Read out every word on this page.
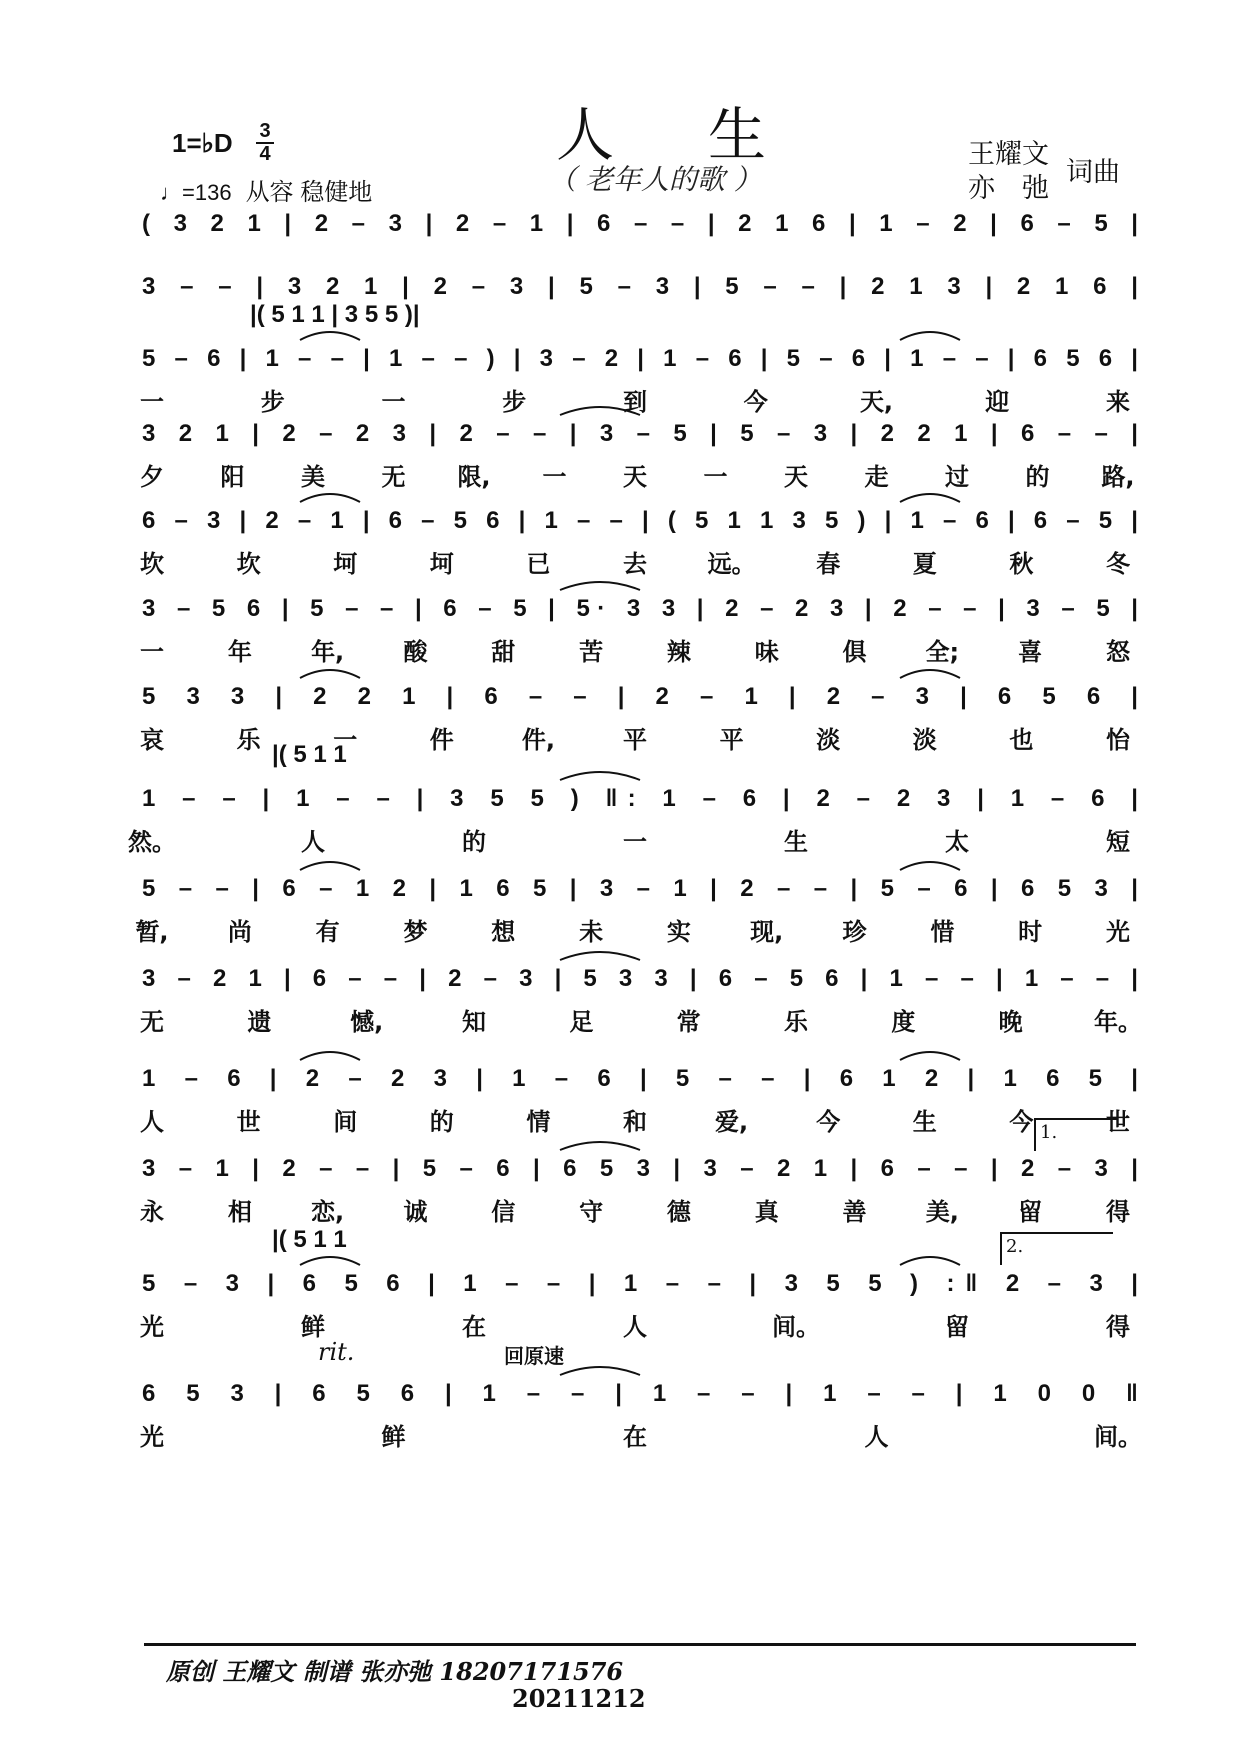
人 生
（ 老年人的歌 ）
1=♭D 3
4
♩=136 从容 稳健地
王耀文
亦　弛
词曲
( 3 2 1 | 2 – 3 | 2 – 1 | 6 – – | 2 1 6 | 1 – 2 | 6 – 5 |
3 – – | 3 2 1 | 2 – 3 | 5 – 3 | 5 – – | 2 1 3 | 2 1 6 |
|( 5 1 1 | 3 5 5 )|
5 – 6 | 1 – – | 1 – – ) | 3 – 2 | 1 – 6 | 5 – 6 | 1 – – | 6 5 6 |
一	步	一	步	到	今	天,	迎	来
3 2 1 | 2 – 2 3 | 2 – – | 3 – 5 | 5 – 3 | 2 2 1 | 6 – – |
夕 阳 美 无 限, 一 天 一 天 走 过 的 路,
6 – 3 | 2 – 1 | 6 – 5 6 | 1 – – | ( 5 1 1 3 5 ) | 1 – 6 | 6 – 5 |
坎	坎	坷	坷	已	去	远。	春	夏	秋	冬
3 – 5 6 | 5 – – | 6 – 5 | 5· 3 3 | 2 – 2 3 | 2 – – | 3 – 5 |
一	年 年, 酸	甜	苦	辣	味	俱 全; 喜	怒
5 3 3 | 2 2 1 | 6 – – | 2 – 1 | 2 – 3 | 6 5 6 |
哀	乐	一	件	件,	平	平	淡	淡	也	怡
|( 5 1 1
1 – – | 1 – – | 3 5 5 ) ‖: 1 – 6 | 2 – 2 3 | 1 – 6 |
然。	人	的	一	生	太	短
5 – – | 6 – 1 2 | 1 6 5 | 3 – 1 | 2 – – | 5 – 6 | 6 5 3 |
暂, 尚	有	梦	想	未	实 现, 珍	惜	时	光
3 – 2 1 | 6 – – | 2 – 3 | 5 3 3 | 6 – 5 6 | 1 – – | 1 – – |
无	遗	憾,	知	足	常	乐	度	晚	年。
1 – 6 | 2 – 2 3 | 1 – 6 | 5 – – | 6 1 2 | 1 6 5 |
人	世	间	的	情	和	爱,	今	生	今	世
3 – 1 | 2 – – | 5 – 6 | 6 5 3 | 3 – 2 1 | 6 – – | 2 – 3 |
永	相 恋, 诚	信	守	德	真	善 美, 留	得
|( 5 1 1
5 – 3 | 6 5 6 | 1 – – | 1 – – | 3 5 5 ) :‖ 2 – 3 |
光	鲜	在	人	间。	留	得
6 5 3 | 6 5 6 | 1 – – | 1 – – | 1 – – | 1 0 0 ‖
光	鲜	在	人	间。
原创 王耀文 制谱 张亦弛 18207171576
20211212
rit.	回原速
1.
2.
